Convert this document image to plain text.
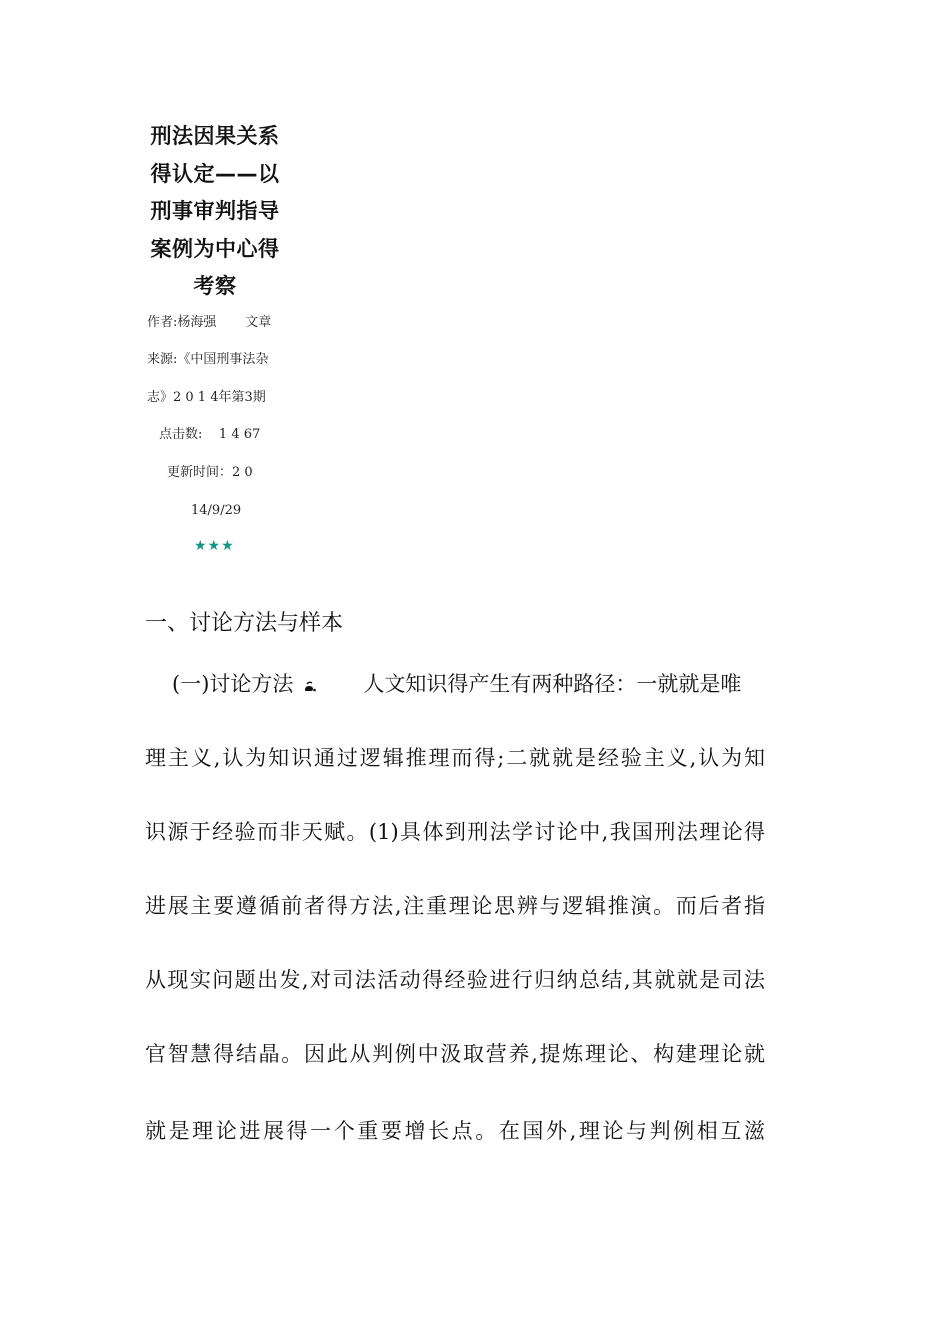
刑法因果关系
得认定——以
刑事审判指导
案例为中心得
考察
作者:杨海强       文章
来源:《中国刑事法杂
志》2 0 1 4年第3期
点击数:    1 4 67
更新时间：2 0
14/9/29
★★★
一、讨论方法与样本
(一)讨论方法	人文知识得产生有两种路径：一就就是唯
理主义,认为知识通过逻辑推理而得;二就就是经验主义,认为知
识源于经验而非天赋。(1)具体到刑法学讨论中,我国刑法理论得
进展主要遵循前者得方法,注重理论思辨与逻辑推演。而后者指
从现实问题出发,对司法活动得经验进行归纳总结,其就就是司法
官智慧得结晶。因此从判例中汲取营养,提炼理论、构建理论就
就是理论进展得一个重要增长点。在国外,理论与判例相互滋
